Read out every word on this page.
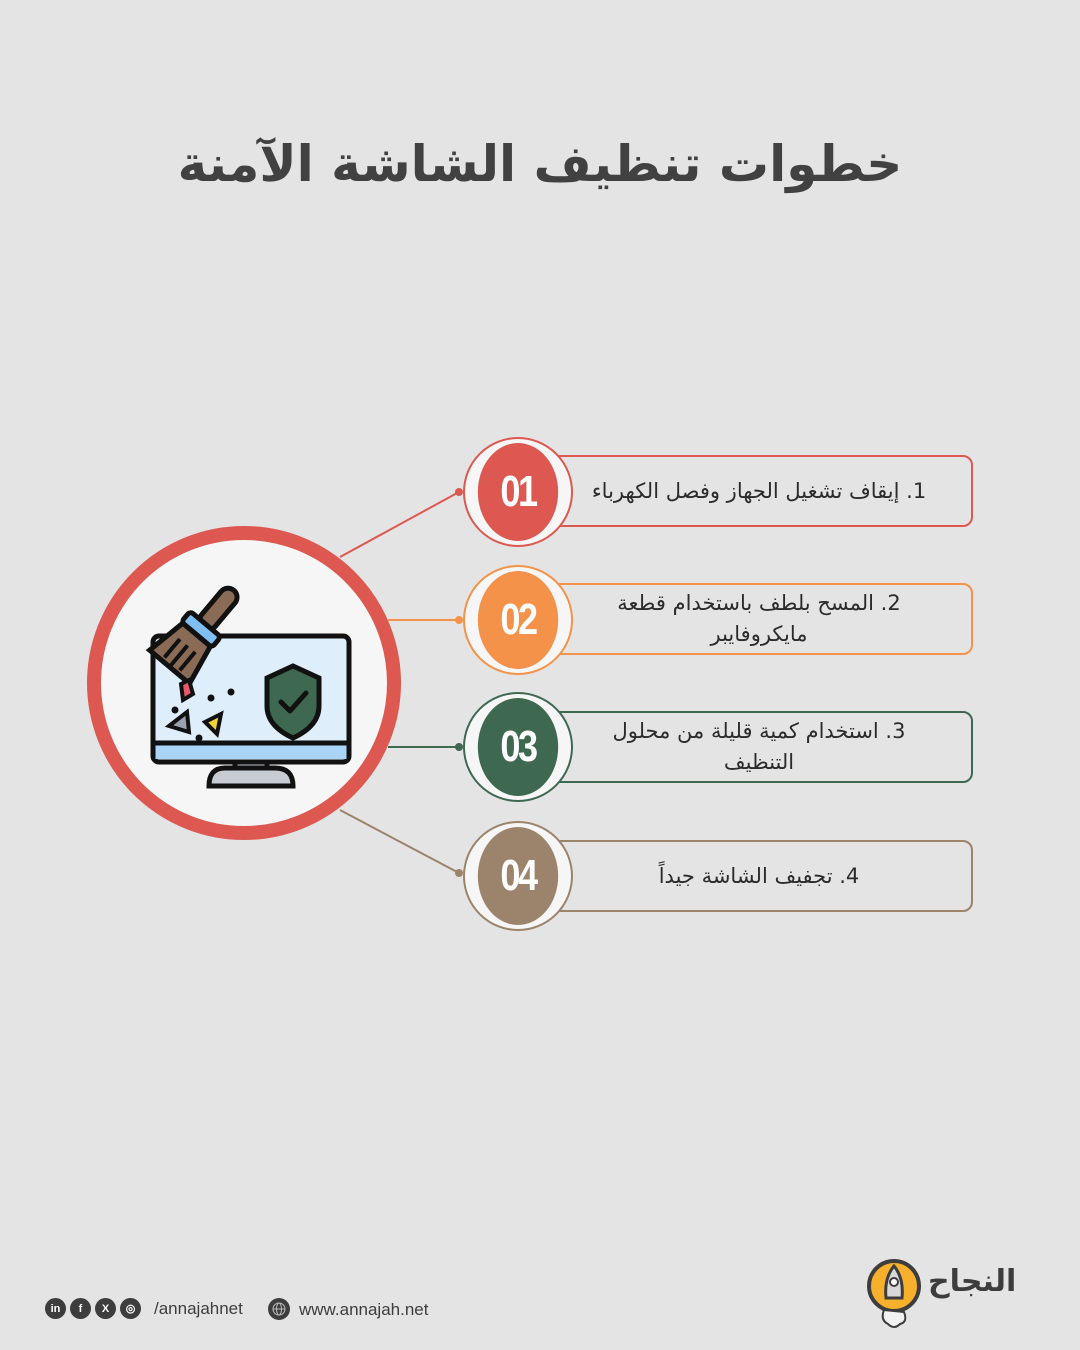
خطوات تنظيف الشاشة الآمنة
1. إيقاف تشغيل الجهاز وفصل الكهرباء
01
2. المسح بلطف باستخدام قطعة مايكروفايبر
02
3. استخدام كمية قليلة من محلول التنظيف
03
4. تجفيف الشاشة جيداً
04
in	f	X	◎	/annajahnet	www.annajah.net
النجاح
